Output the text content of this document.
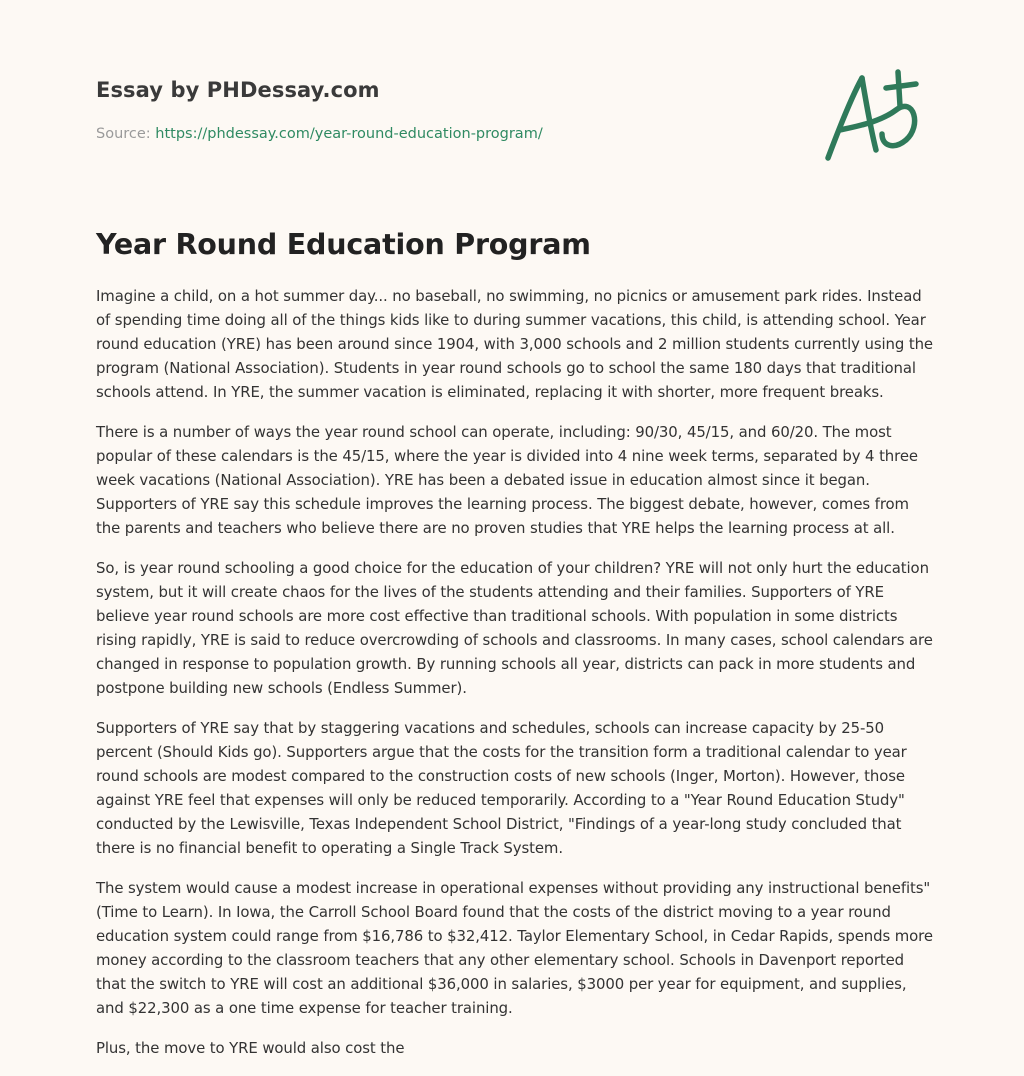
Essay by PHDessay.com
Source: https://phdessay.com/year-round-education-program/
Year Round Education Program

Imagine a child, on a hot summer day... no baseball, no swimming, no picnics or amusement park rides. Instead of spending time doing all of the things kids like to during summer vacations, this child, is attending school. Year round education (YRE) has been around since 1904, with 3,000 schools and 2 million students currently using the program (National Association). Students in year round schools go to school the same 180 days that traditional schools attend. In YRE, the summer vacation is eliminated, replacing it with shorter, more frequent breaks.

There is a number of ways the year round school can operate, including: 90/30, 45/15, and 60/20. The most popular of these calendars is the 45/15, where the year is divided into 4 nine week terms, separated by 4 three week vacations (National Association). YRE has been a debated issue in education almost since it began. Supporters of YRE say this schedule improves the learning process. The biggest debate, however, comes from the parents and teachers who believe there are no proven studies that YRE helps the learning process at all.

So, is year round schooling a good choice for the education of your children? YRE will not only hurt the education system, but it will create chaos for the lives of the students attending and their families. Supporters of YRE believe year round schools are more cost effective than traditional schools. With population in some districts rising rapidly, YRE is said to reduce overcrowding of schools and classrooms. In many cases, school calendars are changed in response to population growth. By running schools all year, districts can pack in more students and postpone building new schools (Endless Summer).

Supporters of YRE say that by staggering vacations and schedules, schools can increase capacity by 25-50 percent (Should Kids go). Supporters argue that the costs for the transition form a traditional calendar to year round schools are modest compared to the construction costs of new schools (Inger, Morton). However, those against YRE feel that expenses will only be reduced temporarily. According to a "Year Round Education Study" conducted by the Lewisville, Texas Independent School District, "Findings of a year-long study concluded that there is no financial benefit to operating a Single Track System.

The system would cause a modest increase in operational expenses without providing any instructional benefits" (Time to Learn). In Iowa, the Carroll School Board found that the costs of the district moving to a year round education system could range from $16,786 to $32,412. Taylor Elementary School, in Cedar Rapids, spends more money according to the classroom teachers that any other elementary school. Schools in Davenport reported that the switch to YRE will cost an additional $36,000 in salaries, $3000 per year for equipment, and supplies, and $22,300 as a one time expense for teacher training.

Plus, the move to YRE would also cost the
